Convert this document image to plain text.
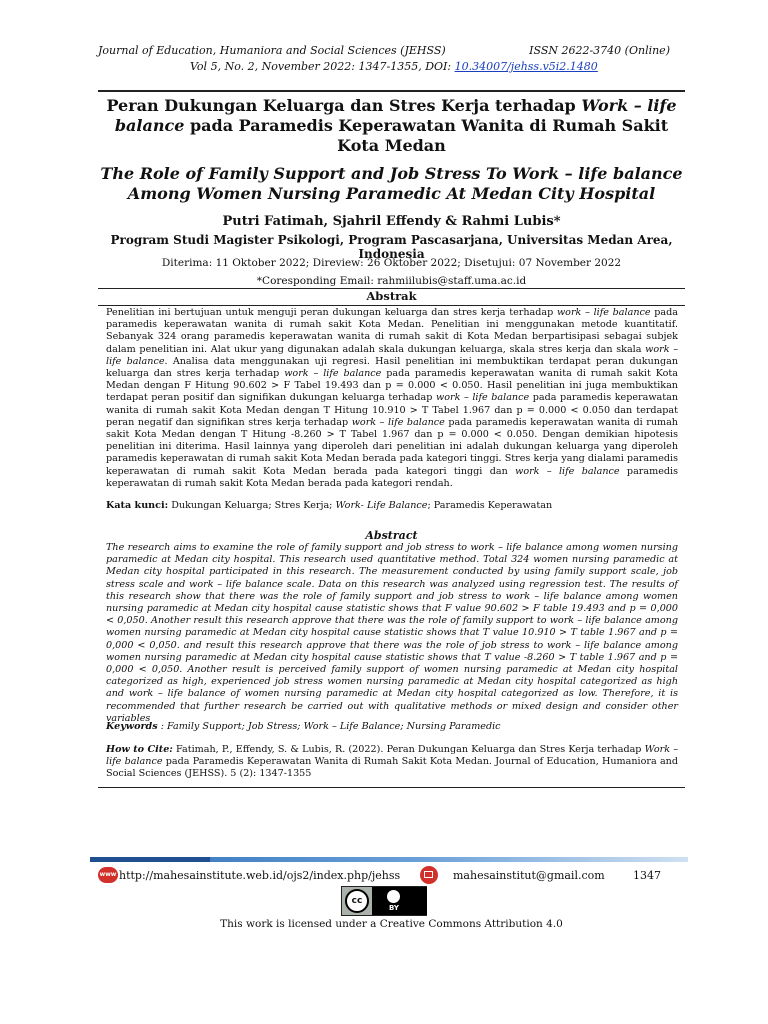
Journal of Education, Humaniora and Social Sciences (JEHSS)	ISSN 2622-3740 (Online)
Vol 5, No. 2, November 2022: 1347-1355, DOI: 10.34007/jehss.v5i2.1480
Peran Dukungan Keluarga dan Stres Kerja terhadap Work – life balance pada Paramedis Keperawatan Wanita di Rumah Sakit Kota Medan
The Role of Family Support and Job Stress To Work – life balance Among Women Nursing Paramedic At Medan City Hospital
Putri Fatimah, Sjahril Effendy & Rahmi Lubis*
Program Studi Magister Psikologi, Program Pascasarjana, Universitas Medan Area, Indonesia
Diterima: 11 Oktober 2022; Direview: 26 Oktober 2022; Disetujui: 07 November 2022
*Coresponding Email: rahmiilubis@staff.uma.ac.id
Abstrak
Penelitian ini bertujuan untuk menguji peran dukungan keluarga dan stres kerja terhadap work – life balance pada paramedis keperawatan wanita di rumah sakit Kota Medan. Penelitian ini menggunakan metode kuantitatif. Sebanyak 324 orang paramedis keperawatan wanita di rumah sakit di Kota Medan berpartisipasi sebagai subjek dalam penelitian ini. Alat ukur yang digunakan adalah skala dukungan keluarga, skala stres kerja dan skala work – life balance. Analisa data menggunakan uji regresi. Hasil penelitian ini membuktikan terdapat peran dukungan keluarga dan stres kerja terhadap work – life balance pada paramedis keperawatan wanita di rumah sakit Kota Medan dengan F Hitung 90.602 > F Tabel 19.493 dan p = 0.000 < 0.050. Hasil penelitian ini juga membuktikan terdapat peran positif dan signifikan dukungan keluarga terhadap work – life balance pada paramedis keperawatan wanita di rumah sakit Kota Medan dengan T Hitung 10.910 > T Tabel 1.967 dan p = 0.000 < 0.050 dan terdapat peran negatif dan signifikan stres kerja terhadap work – life balance pada paramedis keperawatan wanita di rumah sakit Kota Medan dengan T Hitung -8.260 > T Tabel 1.967 dan p = 0.000 < 0.050. Dengan demikian hipotesis penelitian ini diterima. Hasil lainnya yang diperoleh dari penelitian ini adalah dukungan keluarga yang diperoleh paramedis keperawatan di rumah sakit Kota Medan berada pada kategori tinggi. Stres kerja yang dialami paramedis keperawatan di rumah sakit Kota Medan berada pada kategori tinggi dan work – life balance paramedis keperawatan di rumah sakit Kota Medan berada pada kategori rendah.
Kata kunci: Dukungan Keluarga; Stres Kerja; Work- Life Balance; Paramedis Keperawatan
Abstract
The research aims to examine the role of family support and job stress to work – life balance among women nursing paramedic at Medan city hospital. This research used quantitative method. Total 324 women nursing paramedic at Medan city hospital participated in this research. The measurement conducted by using family support scale, job stress scale and work – life balance scale. Data on this research was analyzed using regression test. The results of this research show that there was the role of family support and job stress to work – life balance among women nursing paramedic at Medan city hospital cause statistic shows that F value 90.602 > F table 19.493 and p = 0,000 < 0,050. Another result this research approve that there was the role of family support to work – life balance among women nursing paramedic at Medan city hospital cause statistic shows that T value 10.910 > T table 1.967 and p = 0,000 < 0,050. and result this research approve that there was the role of job stress to work – life balance among women nursing paramedic at Medan city hospital cause statistic shows that T value -8.260 > T table 1.967 and p = 0,000 < 0,050. Another result is perceived family support of women nursing paramedic at Medan city hospital categorized as high, experienced job stress women nursing paramedic at Medan city hospital categorized as high and work – life balance of women nursing paramedic at Medan city hospital categorized as low. Therefore, it is recommended that further research be carried out with qualitative methods or mixed design and consider other variables
Keywords : Family Support; Job Stress; Work – Life Balance; Nursing Paramedic
How to Cite: Fatimah, P., Effendy, S. & Lubis, R. (2022). Peran Dukungan Keluarga dan Stres Kerja terhadap Work – life balance pada Paramedis Keperawatan Wanita di Rumah Sakit Kota Medan. Journal of Education, Humaniora and Social Sciences (JEHSS). 5 (2): 1347-1355
www http://mahesainstitute.web.id/ojs2/index.php/jehss	mahesainstitut@gmail.com	1347
cc
BY
This work is licensed under a Creative Commons Attribution 4.0
